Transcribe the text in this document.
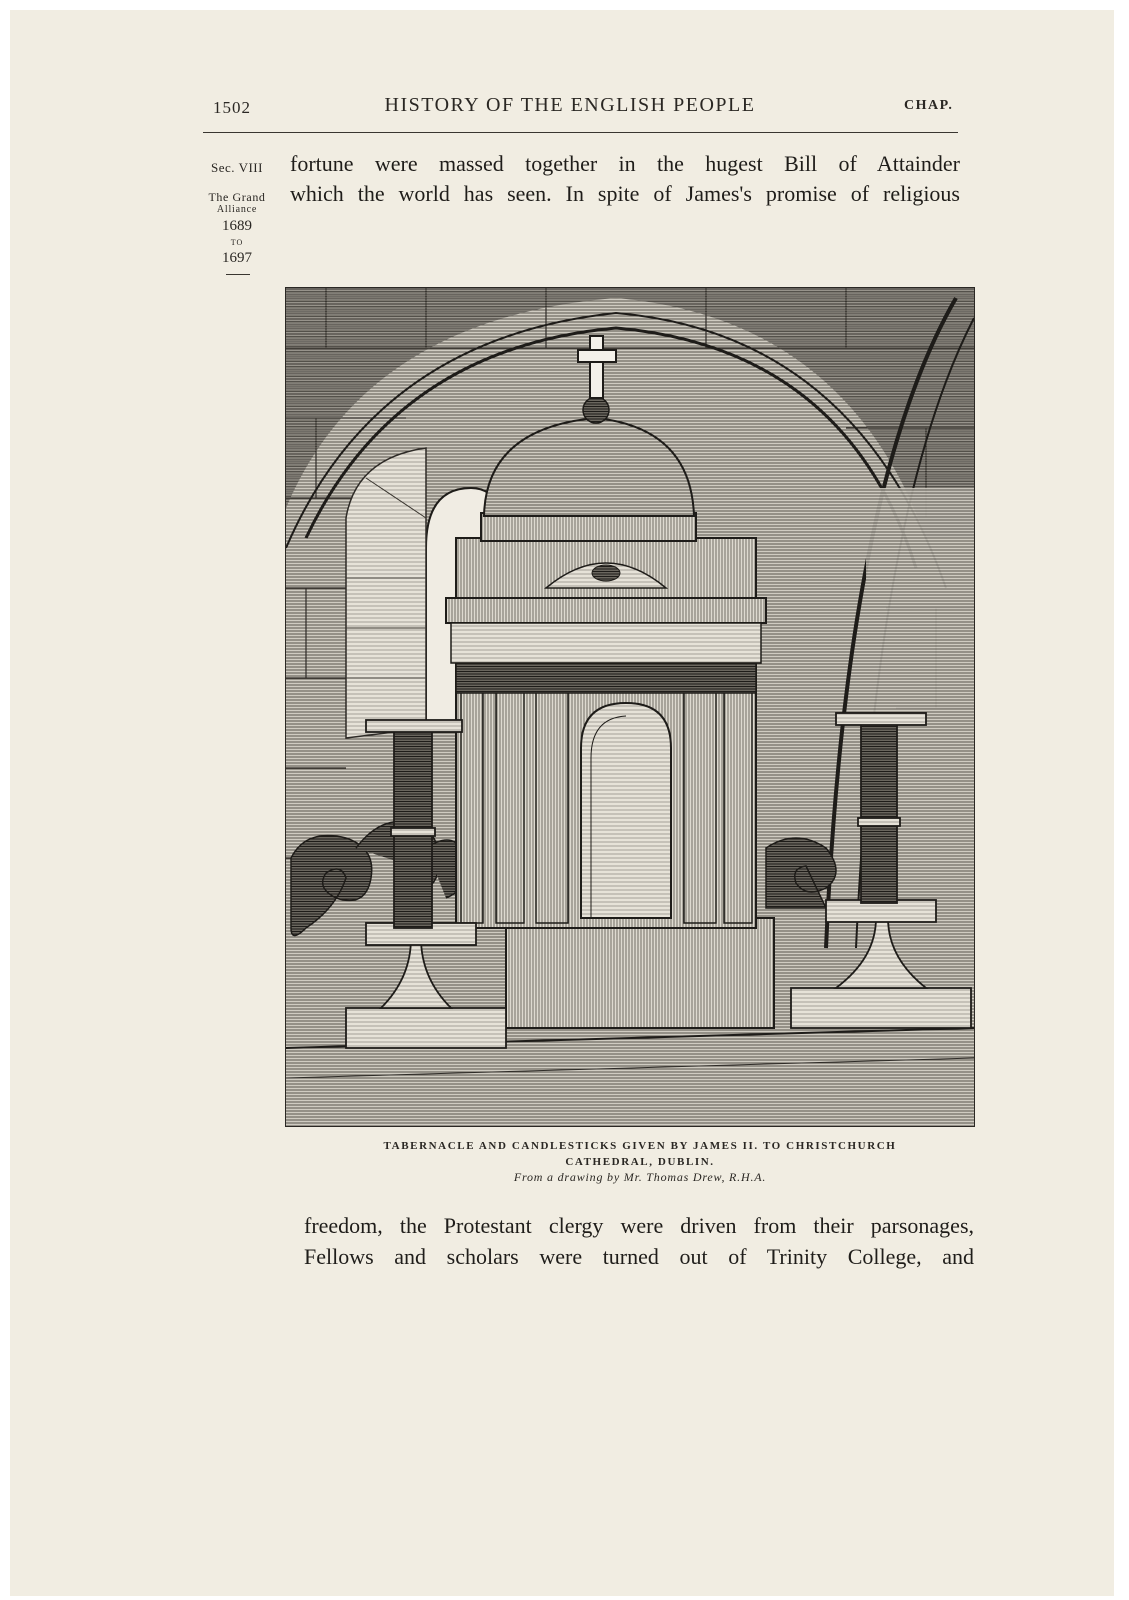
1502	HISTORY OF THE ENGLISH PEOPLE	CHAP.
Sec. VIII
The Grand
Alliance
1689
TO
1697
fortune were massed together in the hugest Bill of Attainder
which the world has seen. In spite of James's promise of religious
TABERNACLE AND CANDLESTICKS GIVEN BY JAMES II. TO CHRISTCHURCH
CATHEDRAL, DUBLIN.
From a drawing by Mr. Thomas Drew, R.H.A.
freedom, the Protestant clergy were driven from their parsonages,
Fellows and scholars were turned out of Trinity College, and
